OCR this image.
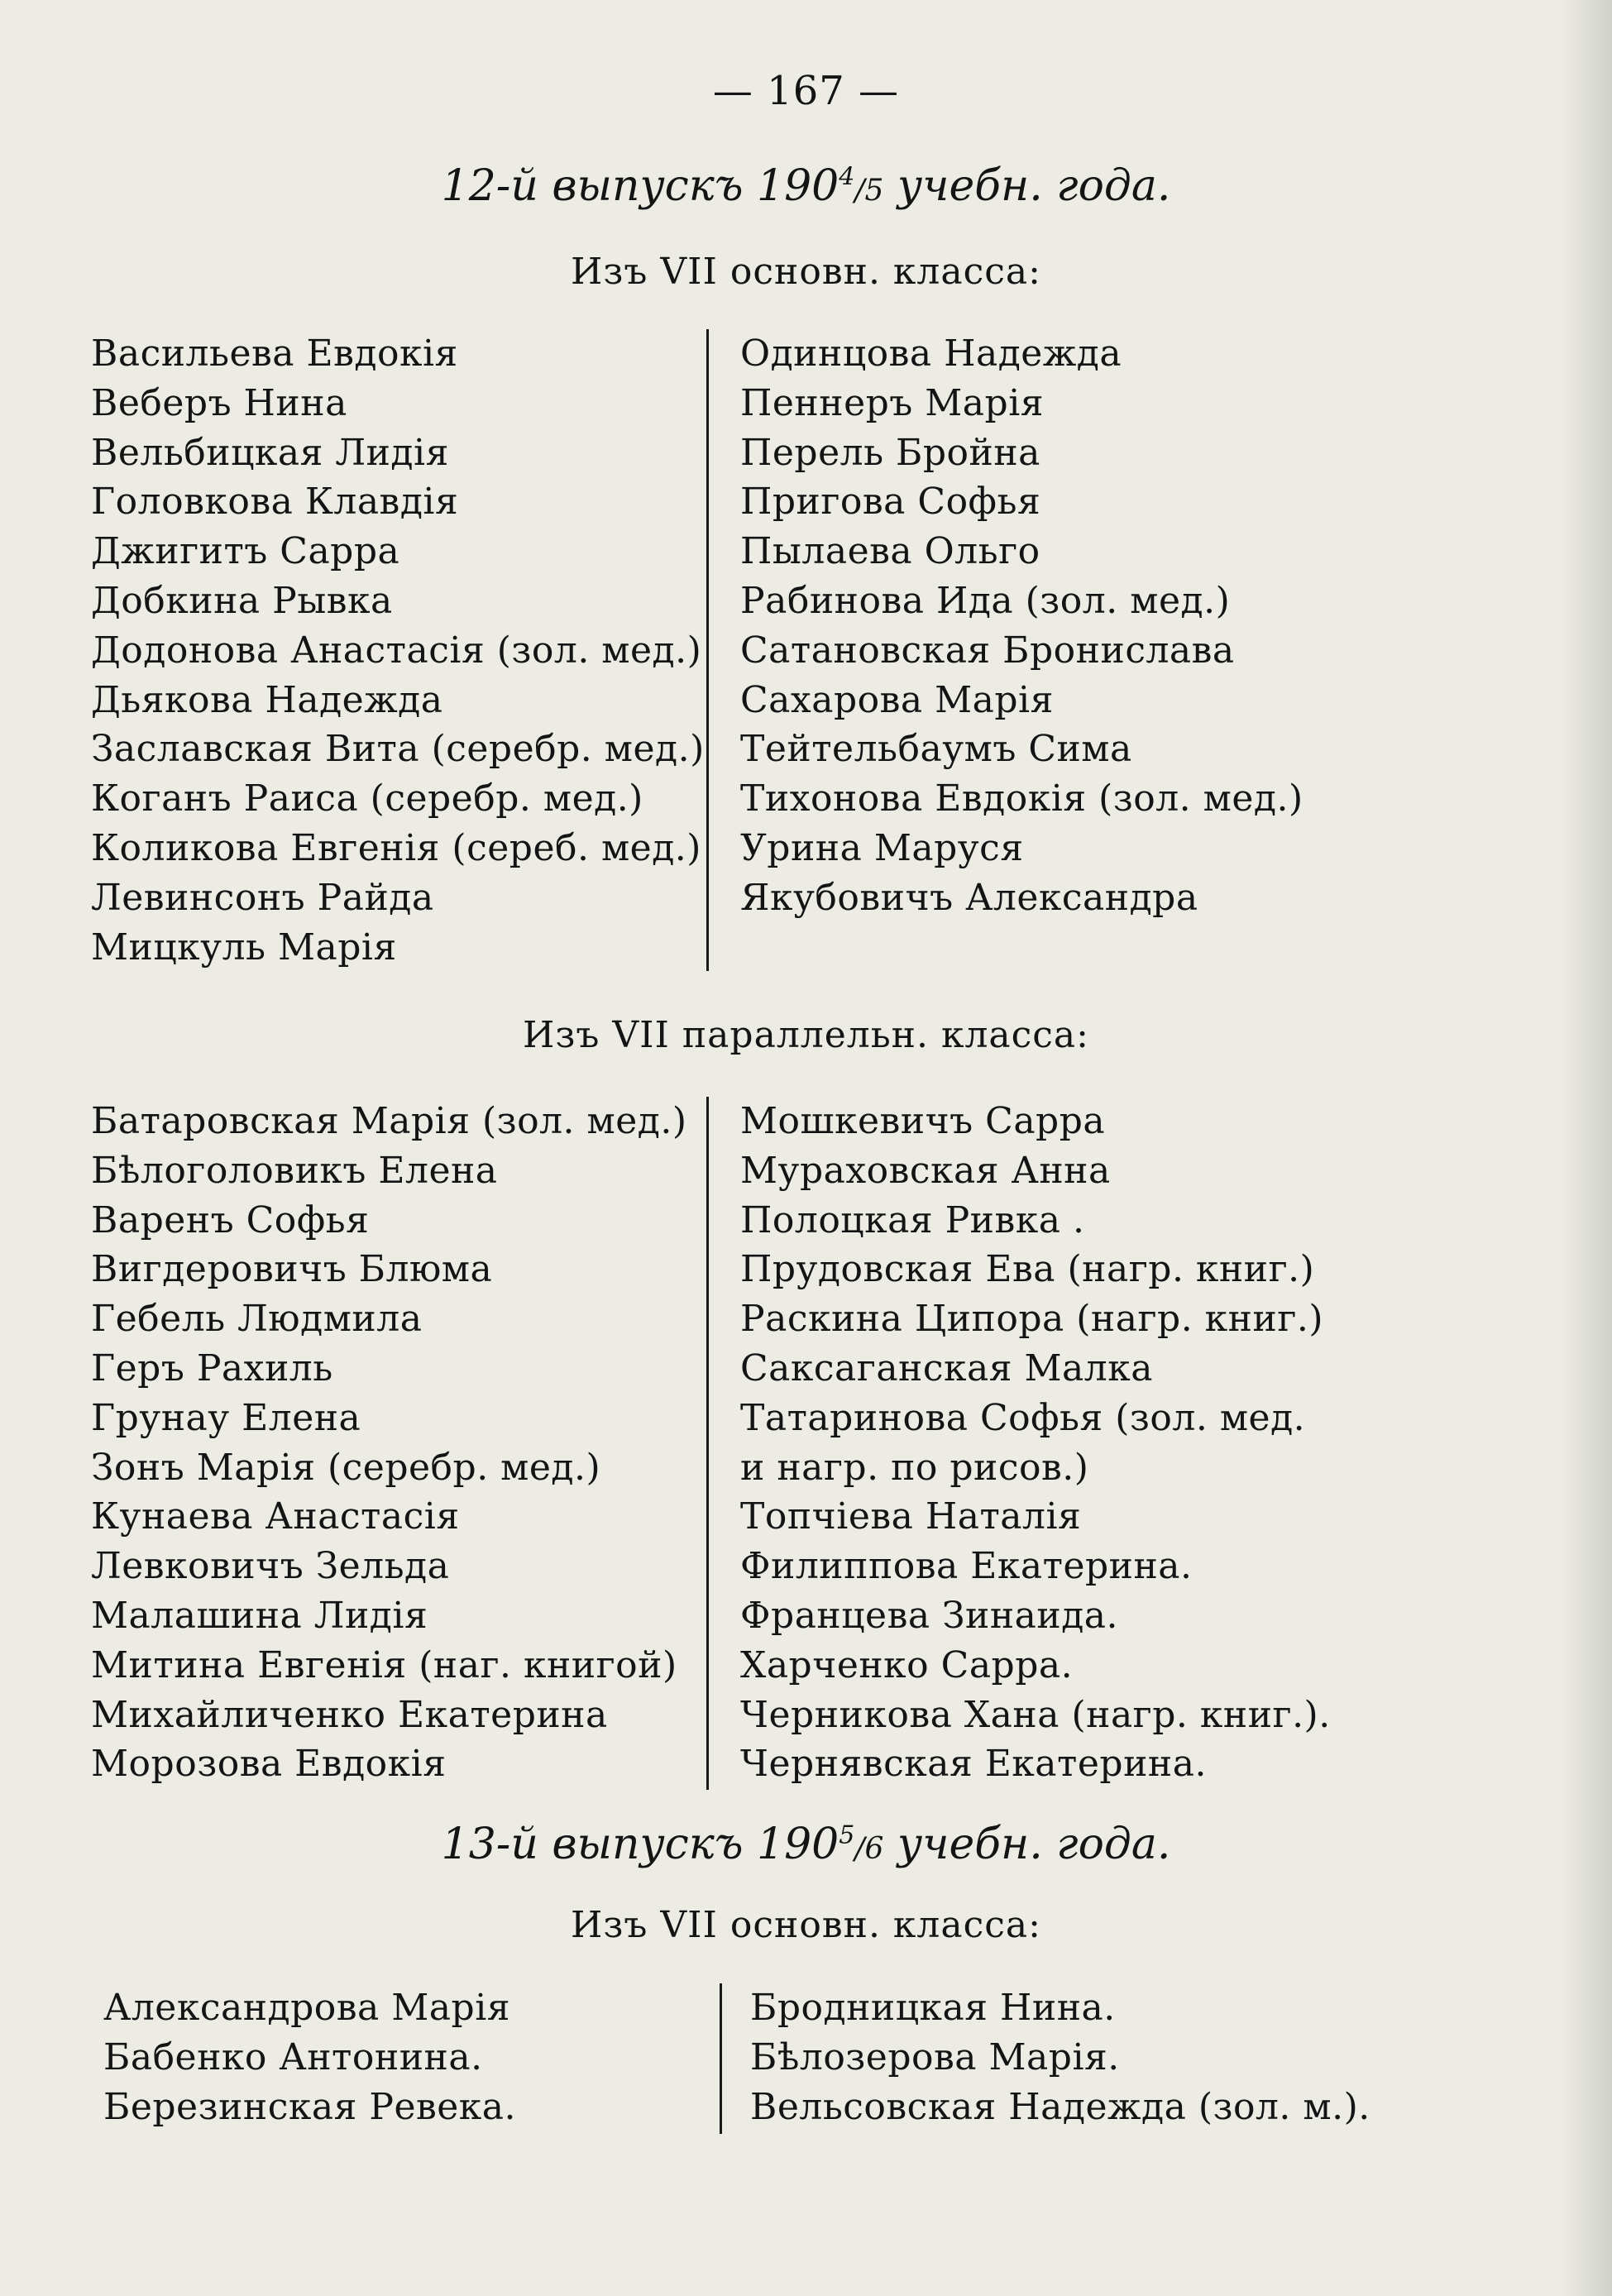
— 167 —
12-й выпускъ $190^4/5$ учебн. года.
Изъ VII основн. класса:
Васильева Евдокія
Веберъ Нина
Вельбицкая Лидія
Головкова Клавдія
Джигитъ Сарра
Добкина Рывка
Додонова Анастасія (зол. мед.)
Дьякова Надежда
Заславская Вита (серебр. мед.)
Коганъ Раиса (серебр. мед.)
Коликова Евгенія (сереб. мед.)
Левинсонъ Райда
Мицкуль Марія
Одинцова Надежда
Пеннеръ Марія
Перель Бройна
Пригова Софья
Пылаева Ольго
Рабинова Ида (зол. мед.)
Сатановская Бронислава
Сахарова Марія
Тейтельбаумъ Сима
Тихонова Евдокія (зол. мед.)
Урина Маруся
Якубовичъ Александра
Изъ VII параллельн. класса:
Батаровская Марія (зол. мед.)
Бѣлоголовикъ Елена
Варенъ Софья
Вигдеровичъ Блюма
Гебель Людмила
Геръ Рахиль
Грунау Елена
Зонъ Марія (серебр. мед.)
Кунаева Анастасія
Левковичъ Зельда
Малашина Лидія
Митина Евгенія (наг. книгой)
Михайличенко Екатерина
Морозова Евдокія
Мошкевичъ Сарра
Мураховская Анна
Полоцкая Ривка .
Прудовская Ева (нагр. книг.)
Раскина Ципора (нагр. книг.)
Саксаганская Малка
Татаринова Софья (зол. мед.
и нагр. по рисов.)
Топчіева Наталія
Филиппова Екатерина.
Францева Зинаида.
Харченко Сарра.
Черникова Хана (нагр. книг.).
Чернявская Екатерина.
13-й выпускъ $190^5/6$ учебн. года.
Изъ VII основн. класса:
Александрова Марія
Бабенко Антонина.
Березинская Ревека.
Бродницкая Нина.
Бѣлозерова Марія.
Вельсовская Надежда (зол. м.).
